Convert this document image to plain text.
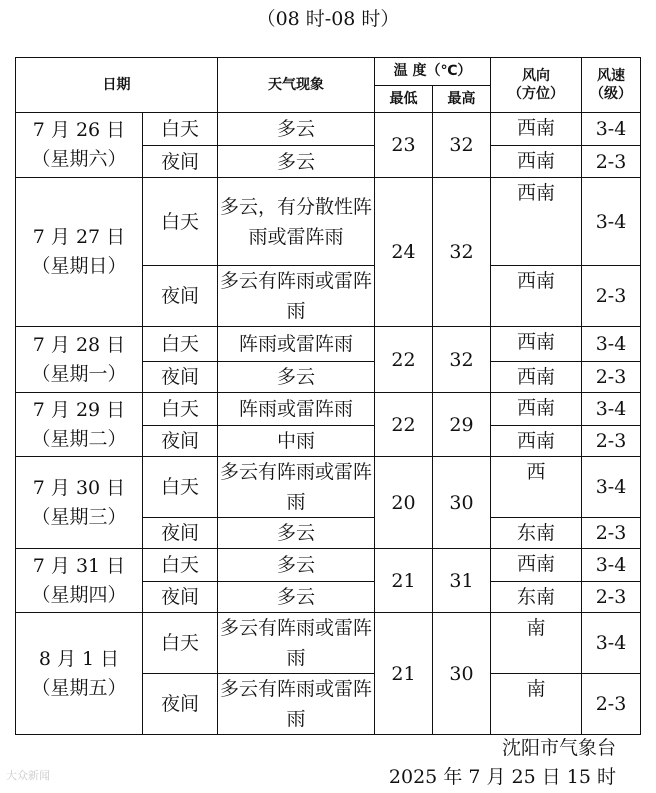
（08 时-08 时）
日期		天气现象	温 度（℃）		风向
（方位）	风速
（级）
			最低	最高		
7 月 26 日
（星期六）	白天	多云	23	32	西南	3-4
	夜间	多云			西南	2-3
7 月 27 日
（星期日）	白天	多云，有分散性阵雨或雷阵雨	24	32	西南	3-4
	夜间	多云有阵雨或雷阵雨			西南	2-3
7 月 28 日
（星期一）	白天	阵雨或雷阵雨	22	32	西南	3-4
	夜间	多云			西南	2-3
7 月 29 日
（星期二）	白天	阵雨或雷阵雨	22	29	西南	3-4
	夜间	中雨			西南	2-3
7 月 30 日
（星期三）	白天	多云有阵雨或雷阵雨	20	30	西	3-4
	夜间	多云			东南	2-3
7 月 31 日
（星期四）	白天	多云	21	31	西南	3-4
	夜间	多云			东南	2-3
8 月 1 日
（星期五）	白天	多云有阵雨或雷阵雨	21	30	南	3-4
	夜间	多云有阵雨或雷阵雨			南	2-3
沈阳市气象台
2025 年 7 月 25 日 15 时
大众新闻
